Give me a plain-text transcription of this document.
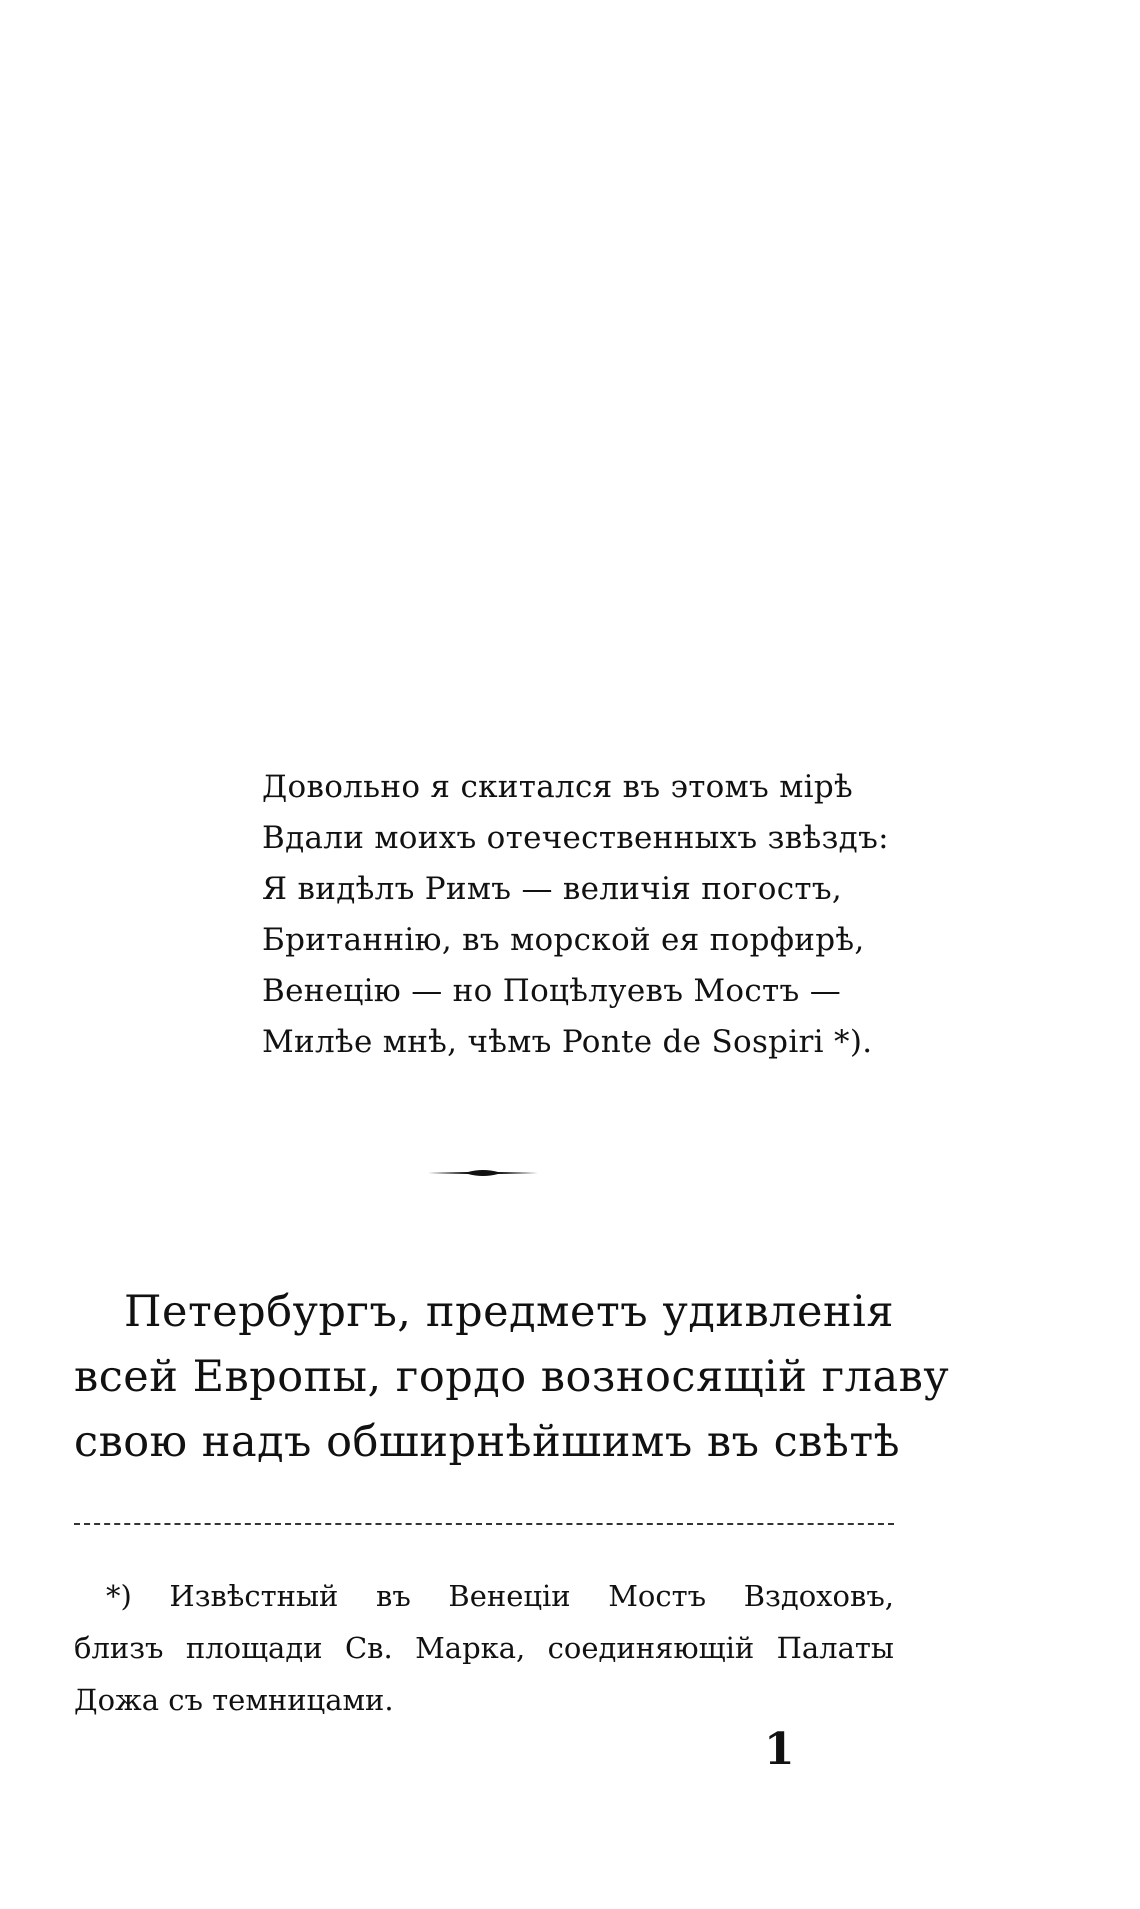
Довольно я скитался въ этомъ мірѣ
Вдали моихъ отечественныхъ звѣздъ:
Я видѣлъ Римъ — величія погостъ,
Британнію, въ морской ея порфирѣ,
Венецію — но Поцѣлуевъ Мостъ —
Милѣе мнѣ, чѣмъ Ponte de Sospiri *).
Петербургъ, предметъ удивленія
всей Европы, гордо возносящій главу
свою надъ обширнѣйшимъ въ свѣтѣ
*) Извѣстный въ Венеціи Мостъ Вздоховъ,
близъ площади Св. Марка, соединяющій Палаты
Дожа съ темницами.
1
